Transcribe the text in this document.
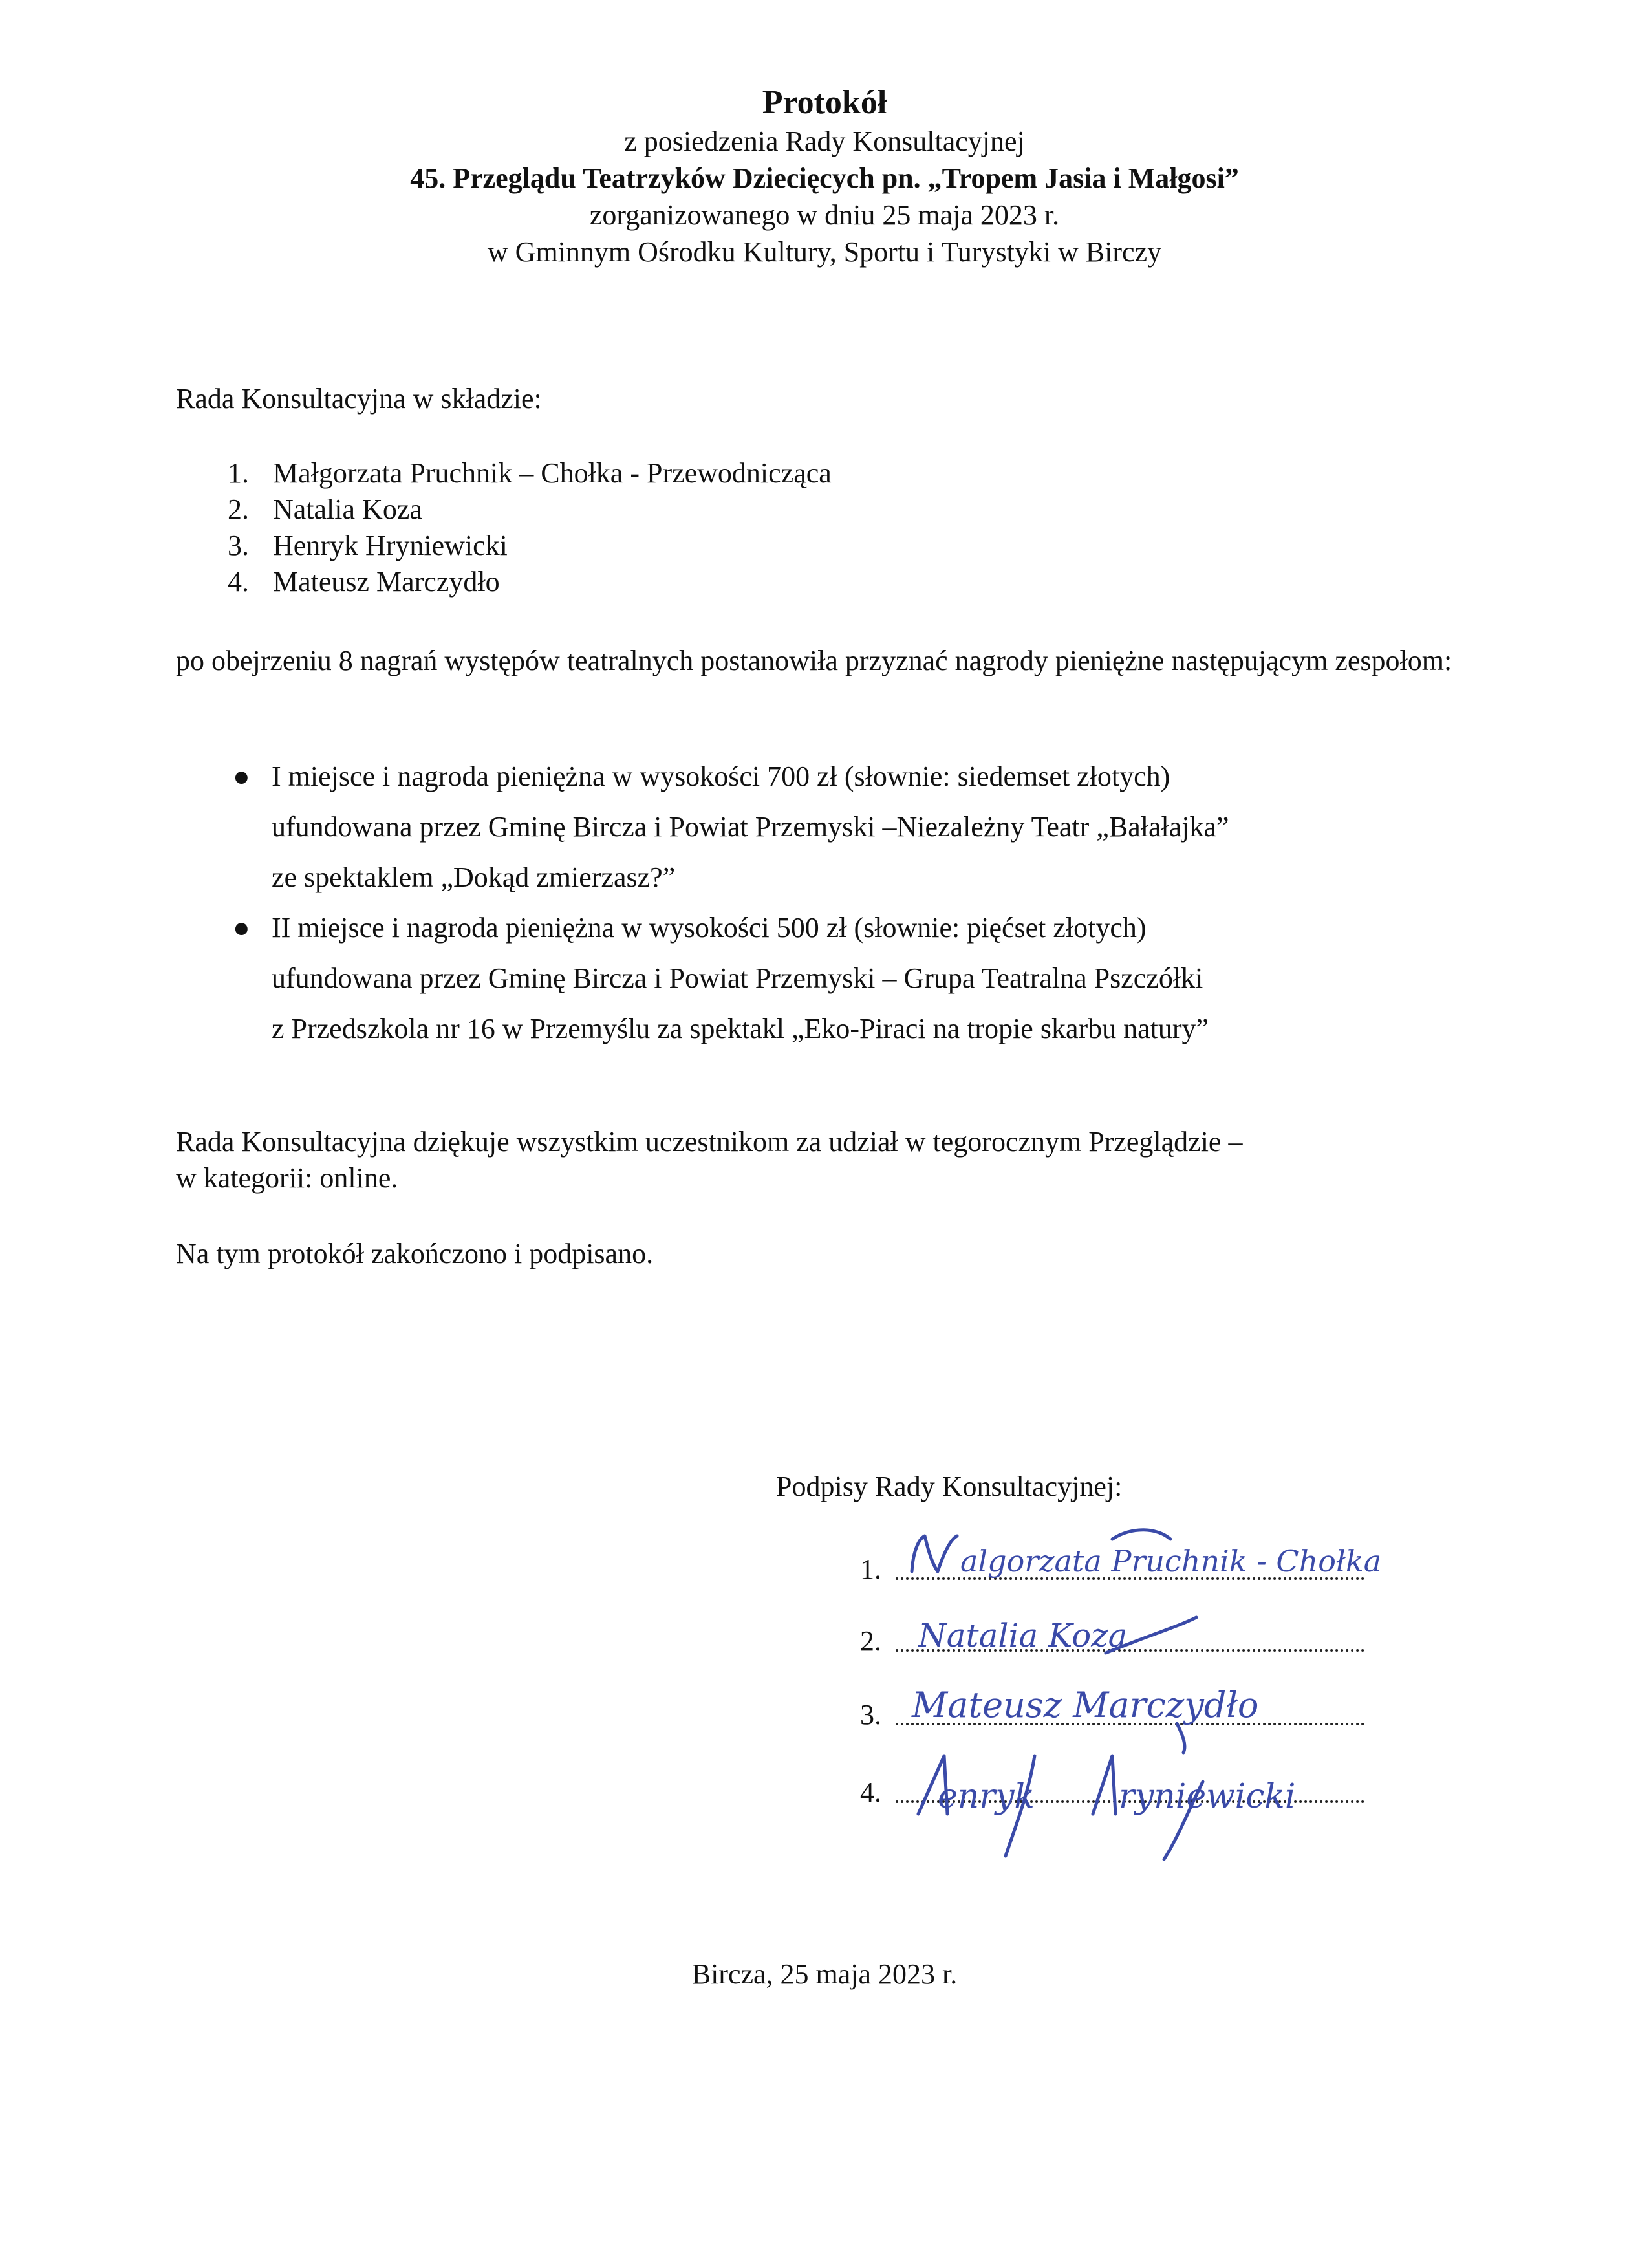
Protokół
z posiedzenia Rady Konsultacyjnej
45. Przeglądu Teatrzyków Dziecięcych pn. „Tropem Jasia i Małgosi”
zorganizowanego w dniu 25 maja 2023 r.
w Gminnym Ośrodku Kultury, Sportu i Turystyki w Birczy
Rada Konsultacyjna w składzie:
1. Małgorzata Pruchnik – Chołka - Przewodnicząca
2. Natalia Koza
3. Henryk Hryniewicki
4. Mateusz Marczydło
po obejrzeniu 8 nagrań występów teatralnych postanowiła przyznać nagrody pieniężne następującym zespołom:
● I miejsce i nagroda pieniężna w wysokości 700 zł (słownie: siedemset złotych)
ufundowana przez Gminę Bircza i Powiat Przemyski –Niezależny Teatr „Bałałajka”
ze spektaklem „Dokąd zmierzasz?”
● II miejsce i nagroda pieniężna w wysokości 500 zł (słownie: pięćset złotych)
ufundowana przez Gminę Bircza i Powiat Przemyski – Grupa Teatralna Pszczółki
z Przedszkola nr 16 w Przemyślu za spektakl „Eko-Piraci na tropie skarbu natury”
Rada Konsultacyjna dziękuje wszystkim uczestnikom za udział w tegorocznym Przeglądzie –
w kategorii: online.
Na tym protokół zakończono i podpisano.
Podpisy Rady Konsultacyjnej:
1.	algorzata Pruchnik - Chołka
2. Natalia Koza
3. Mateusz Marczydło
4. enryk ryniewicki
Bircza, 25 maja 2023 r.
